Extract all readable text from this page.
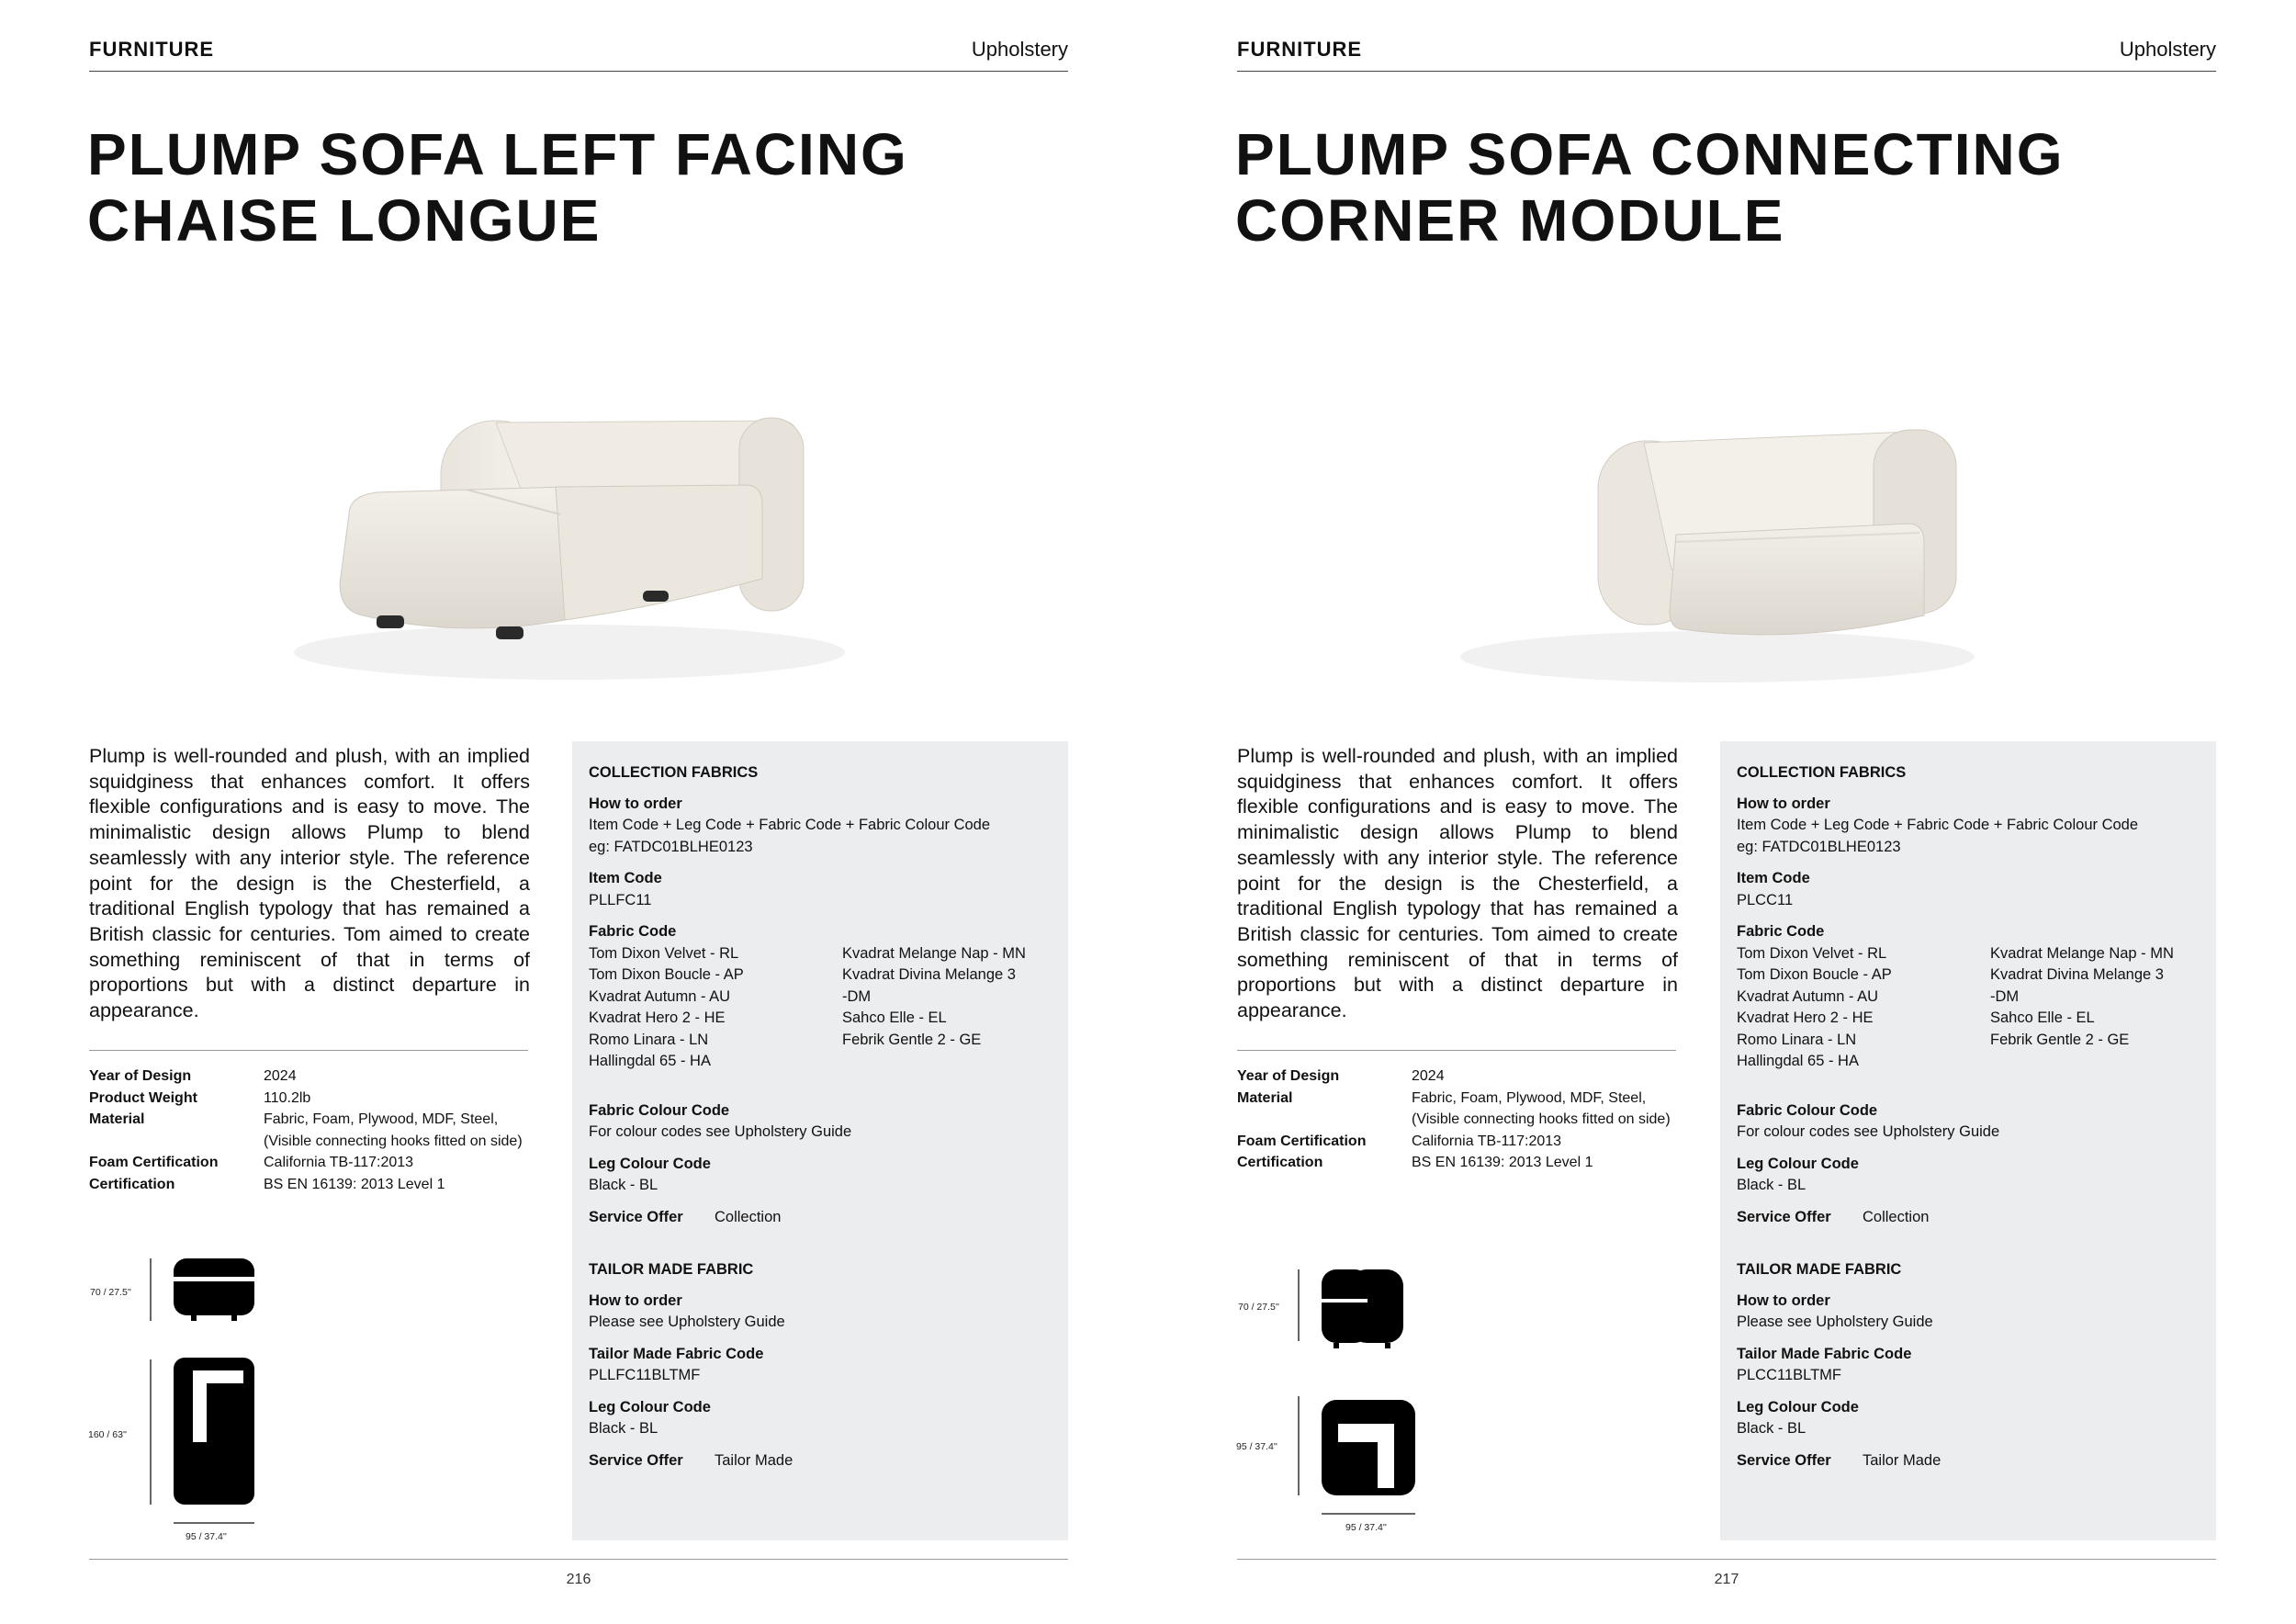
FURNITURE	Upholstery
PLUMP SOFA LEFT FACING
CHAISE LONGUE

Plump is well-rounded and plush, with an implied squidginess that enhances comfort. It offers flexible configurations and is easy to move. The minimalistic design allows Plump to blend seamlessly with any interior style. The reference point for the design is the Chesterfield, a traditional English typology that has remained a British classic for centuries. Tom aimed to create something reminiscent of that in terms of proportions but with a distinct departure in appearance.

Year of Design	2024
Product Weight	110.2lb
Material	Fabric, Foam, Plywood, MDF, Steel, (Visible connecting hooks fitted on side)
Foam Certification	California TB-117:2013
Certification	BS EN 16139: 2013 Level 1
70 / 27.5''
160 / 63''
95 / 37.4''
COLLECTION FABRICS
How to order
Item Code + Leg Code + Fabric Code + Fabric Colour Code
eg: FATDC01BLHE0123
Item Code
PLLFC11
Fabric Code
Tom Dixon Velvet - RL	Kvadrat Melange Nap - MN
Tom Dixon Boucle - AP	Kvadrat Divina Melange 3
Kvadrat Autumn - AU	-DM
Kvadrat Hero 2 - HE	Sahco Elle - EL
Romo Linara - LN	Febrik Gentle 2 - GE
Hallingdal 65 - HA
Fabric Colour Code
For colour codes see Upholstery Guide
Leg Colour Code
Black - BL
Service Offer	Collection
TAILOR MADE FABRIC
How to order
Please see Upholstery Guide
Tailor Made Fabric Code
PLLFC11BLTMF
Leg Colour Code
Black - BL
Service Offer	Tailor Made
216
FURNITURE	Upholstery
PLUMP SOFA CONNECTING
CORNER MODULE

Plump is well-rounded and plush, with an implied squidginess that enhances comfort. It offers flexible configurations and is easy to move. The minimalistic design allows Plump to blend seamlessly with any interior style. The reference point for the design is the Chesterfield, a traditional English typology that has remained a British classic for centuries. Tom aimed to create something reminiscent of that in terms of proportions but with a distinct departure in appearance.

Year of Design	2024
Material	Fabric, Foam, Plywood, MDF, Steel, (Visible connecting hooks fitted on side)
Foam Certification	California TB-117:2013
Certification	BS EN 16139: 2013 Level 1
70 / 27.5''
95 / 37.4''
95 / 37.4''
COLLECTION FABRICS
How to order
Item Code + Leg Code + Fabric Code + Fabric Colour Code
eg: FATDC01BLHE0123
Item Code
PLCC11
Fabric Code
Tom Dixon Velvet - RL	Kvadrat Melange Nap - MN
Tom Dixon Boucle - AP	Kvadrat Divina Melange 3
Kvadrat Autumn - AU	-DM
Kvadrat Hero 2 - HE	Sahco Elle - EL
Romo Linara - LN	Febrik Gentle 2 - GE
Hallingdal 65 - HA
Fabric Colour Code
For colour codes see Upholstery Guide
Leg Colour Code
Black - BL
Service Offer	Collection
TAILOR MADE FABRIC
How to order
Please see Upholstery Guide
Tailor Made Fabric Code
PLCC11BLTMF
Leg Colour Code
Black - BL
Service Offer	Tailor Made
217
